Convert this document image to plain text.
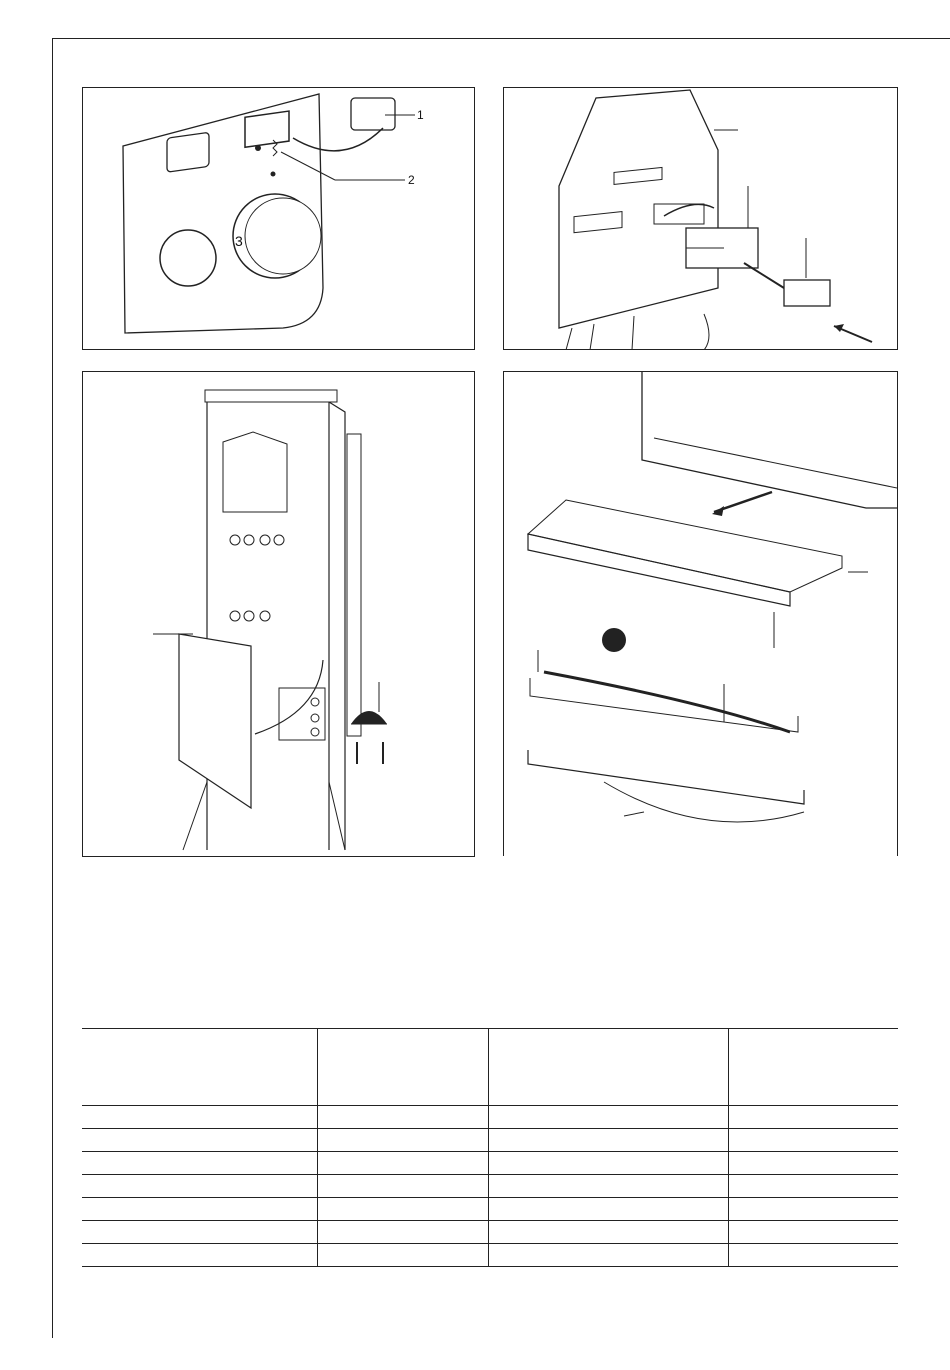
3
1
2
